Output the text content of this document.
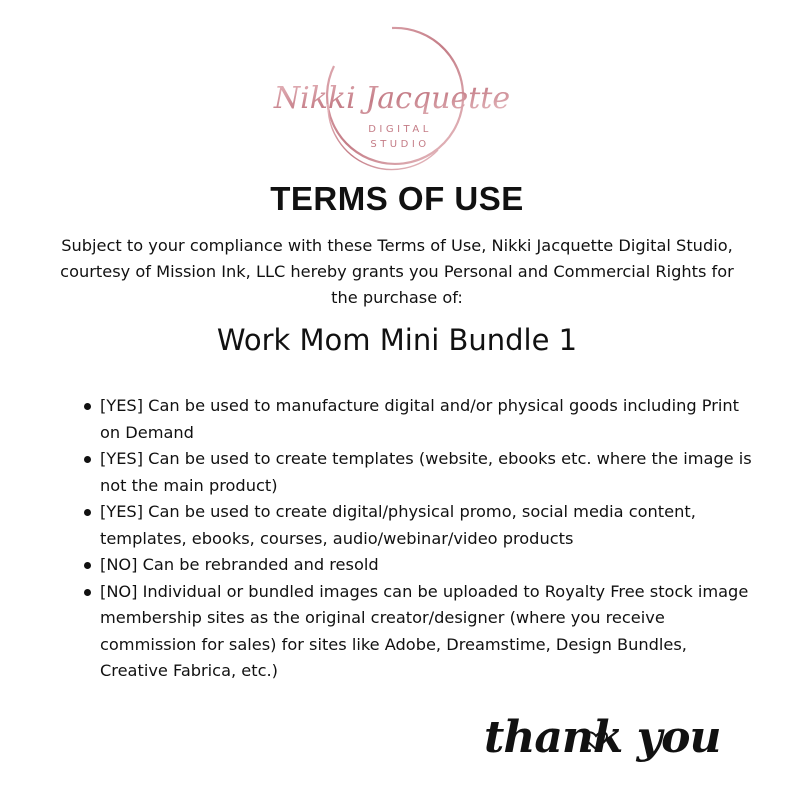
Nikki Jacquette
DIGITAL
STUDIO
TERMS OF USE

Subject to your compliance with these Terms of Use, Nikki Jacquette Digital Studio, courtesy of Mission Ink, LLC hereby grants you Personal and Commercial Rights for the purchase of:

Work Mom Mini Bundle 1
[YES] Can be used to manufacture digital and/or physical goods including Print on Demand
[YES] Can be used to create templates (website, ebooks etc. where the image is not the main product)
[YES] Can be used to create digital/physical promo, social media content, templates, ebooks, courses, audio/webinar/video products
[NO] Can be rebranded and resold
[NO] Individual or bundled images can be uploaded to Royalty Free stock image membership sites as the original creator/designer (where you receive commission for sales) for sites like Adobe, Dreamstime, Design Bundles, Creative Fabrica, etc.)
thank you
